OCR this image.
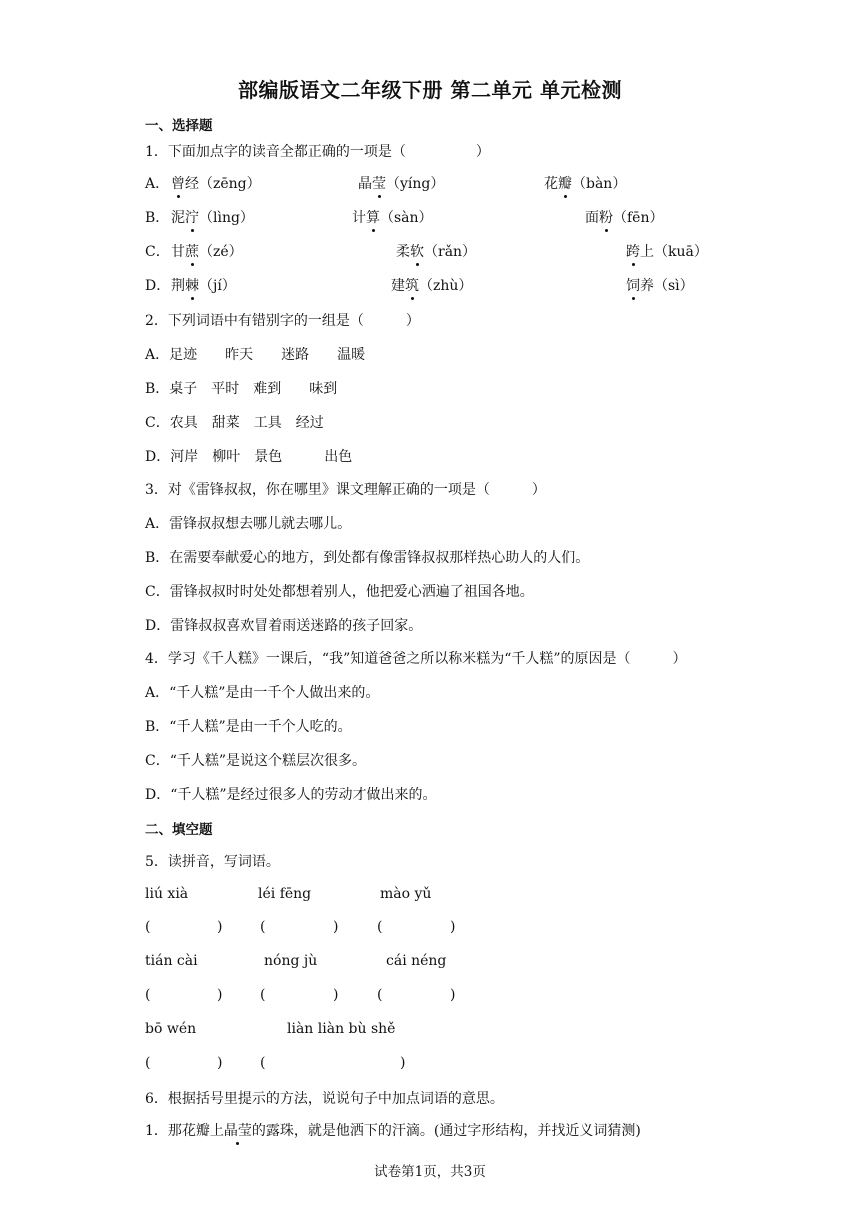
部编版语文二年级下册 第二单元 单元检测
一、选择题
1．下面加点字的读音全都正确的一项是（　　　　　）
A． 曾经（zēng）	晶莹（yíng）	花瓣（bàn）
B． 泥泞（lìng）	计算（sàn）	面粉（fēn）
C． 甘蔗（zé）	柔软（rǎn）	跨上（kuā）
D． 荆棘（jí）	建筑（zhù）	饲养（sì）
2．下列词语中有错别字的一组是（　　　）
A．足迹　　昨天　　迷路　　温暖
B．桌子　平时　难到　　味到
C．农具　甜菜　工具　经过
D．河岸　柳叶　景色　　　出色
3．对《雷锋叔叔，你在哪里》课文理解正确的一项是（　　　）
A．雷锋叔叔想去哪儿就去哪儿。
B．在需要奉献爱心的地方，到处都有像雷锋叔叔那样热心助人的人们。
C．雷锋叔叔时时处处都想着别人，他把爱心洒遍了祖国各地。
D．雷锋叔叔喜欢冒着雨送迷路的孩子回家。
4．学习《千人糕》一课后，“我”知道爸爸之所以称米糕为“千人糕”的原因是（　　　）
A．“千人糕”是由一千个人做出来的。
B．“千人糕”是由一千个人吃的。
C．“千人糕”是说这个糕层次很多。
D．“千人糕”是经过很多人的劳动才做出来的。
二、填空题
5．读拼音，写词语。
liú xià	léi fēng	mào yǔ
(	)	(	)	(	)
tián cài	nóng jù	cái néng
(	)	(	)	(	)
bō wén	liàn liàn bù shě
(	)	(	)
6．根据括号里提示的方法，说说句子中加点词语的意思。
1．那花瓣上晶莹的露珠，就是他洒下的汗滴。(通过字形结构，并找近义词猜测)
试卷第1页，共3页
